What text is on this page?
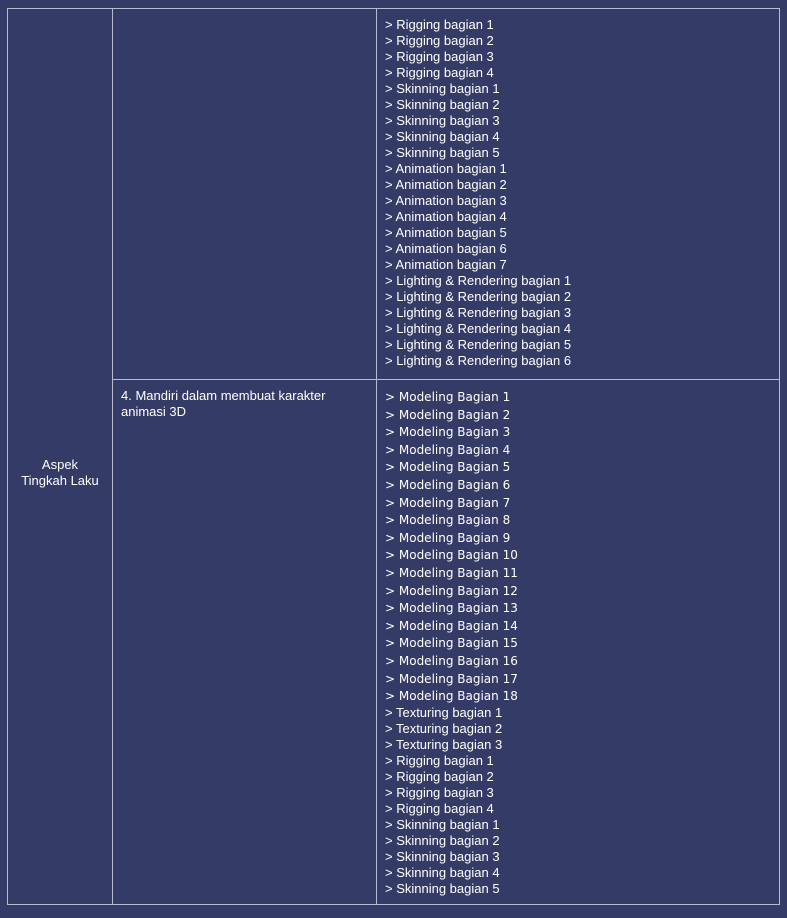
Aspek
Tingkah Laku
4. Mandiri dalam membuat karakter animasi 3D
> Rigging bagian 1
> Rigging bagian 2
> Rigging bagian 3
> Rigging bagian 4
> Skinning bagian 1
> Skinning bagian 2
> Skinning bagian 3
> Skinning bagian 4
> Skinning bagian 5
> Animation bagian 1
> Animation bagian 2
> Animation bagian 3
> Animation bagian 4
> Animation bagian 5
> Animation bagian 6
> Animation bagian 7
> Lighting & Rendering bagian 1
> Lighting & Rendering bagian 2
> Lighting & Rendering bagian 3
> Lighting & Rendering bagian 4
> Lighting & Rendering bagian 5
> Lighting & Rendering bagian 6
> Modeling Bagian 1
> Modeling Bagian 2
> Modeling Bagian 3
> Modeling Bagian 4
> Modeling Bagian 5
> Modeling Bagian 6
> Modeling Bagian 7
> Modeling Bagian 8
> Modeling Bagian 9
> Modeling Bagian 10
> Modeling Bagian 11
> Modeling Bagian 12
> Modeling Bagian 13
> Modeling Bagian 14
> Modeling Bagian 15
> Modeling Bagian 16
> Modeling Bagian 17
> Modeling Bagian 18
> Texturing bagian 1
> Texturing bagian 2
> Texturing bagian 3
> Rigging bagian 1
> Rigging bagian 2
> Rigging bagian 3
> Rigging bagian 4
> Skinning bagian 1
> Skinning bagian 2
> Skinning bagian 3
> Skinning bagian 4
> Skinning bagian 5
